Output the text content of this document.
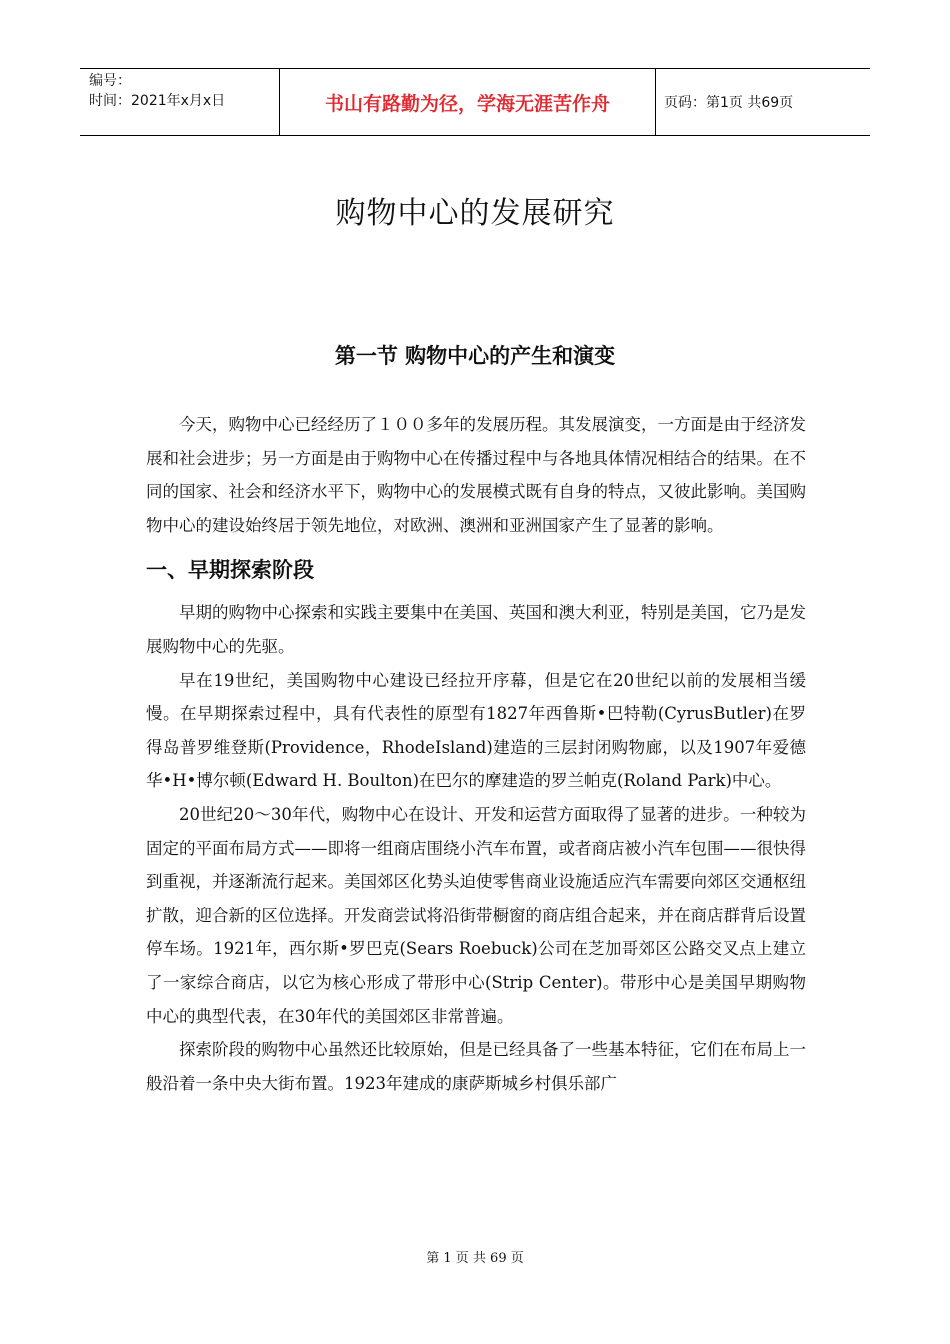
编号：
时间：2021年x月x日	书山有路勤为径，学海无涯苦作舟	页码：第1页 共69页
购物中心的发展研究
第一节 购物中心的产生和演变

今天，购物中心已经经历了１００多年的发展历程。其发展演变，一方面是由于经济发展和社会进步；另一方面是由于购物中心在传播过程中与各地具体情况相结合的结果。在不同的国家、社会和经济水平下，购物中心的发展模式既有自身的特点，又彼此影响。美国购物中心的建设始终居于领先地位，对欧洲、澳洲和亚洲国家产生了显著的影响。

一、早期探索阶段

早期的购物中心探索和实践主要集中在美国、英国和澳大利亚，特别是美国，它乃是发展购物中心的先驱。

早在19世纪，美国购物中心建设已经拉开序幕，但是它在20世纪以前的发展相当缓慢。在早期探索过程中，具有代表性的原型有1827年西鲁斯•巴特勒(CyrusButler)在罗得岛普罗维登斯(Providence，RhodeIsland)建造的三层封闭购物廊，以及1907年爱德华•H•博尔顿(Edward H. Boulton)在巴尔的摩建造的罗兰帕克(Roland Park)中心。

20世纪20～30年代，购物中心在设计、开发和运营方面取得了显著的进步。一种较为固定的平面布局方式——即将一组商店围绕小汽车布置，或者商店被小汽车包围——很快得到重视，并逐渐流行起来。美国郊区化势头迫使零售商业设施适应汽车需要向郊区交通枢纽扩散，迎合新的区位选择。开发商尝试将沿街带橱窗的商店组合起来，并在商店群背后设置停车场。1921年，西尔斯•罗巴克(Sears Roebuck)公司在芝加哥郊区公路交叉点上建立了一家综合商店，以它为核心形成了带形中心(Strip Center)。带形中心是美国早期购物中心的典型代表，在30年代的美国郊区非常普遍。

探索阶段的购物中心虽然还比较原始，但是已经具备了一些基本特征，它们在布局上一般沿着一条中央大街布置。1923年建成的康萨斯城乡村俱乐部广

第 1 页 共 69 页
